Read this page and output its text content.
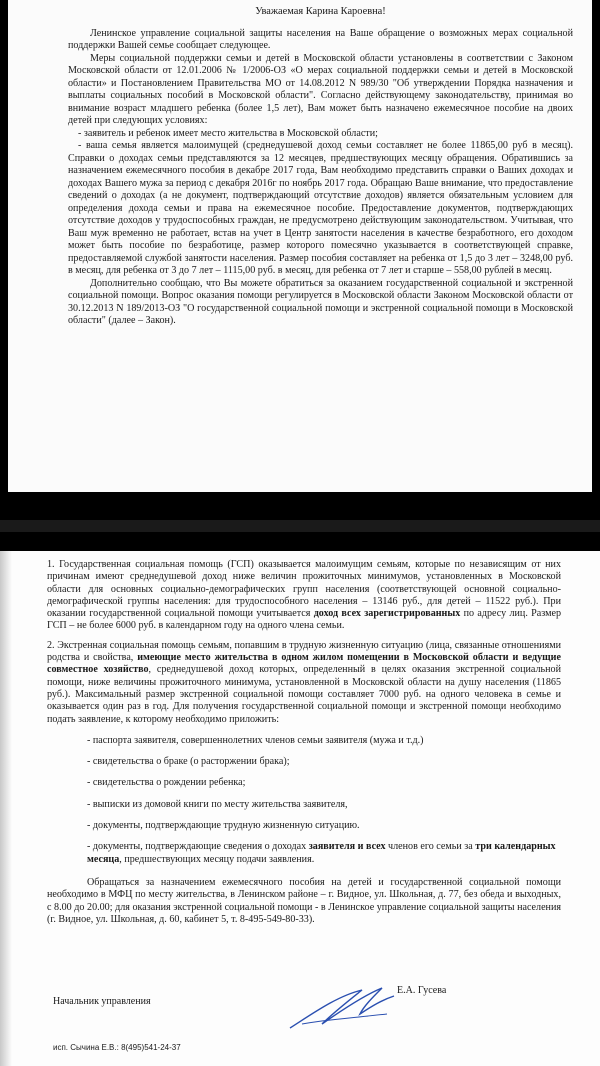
Уважаемая Карина Кароевна!

Ленинское управление социальной защиты населения на Ваше обращение о возможных мерах социальной поддержки Вашей семье сообщает следующее.

Меры социальной поддержки семьи и детей в Московской области установлены в соответствии с Законом Московской области от 12.01.2006 № 1/2006-ОЗ «О мерах социальной поддержки семьи и детей в Московской области» и Постановлением Правительства МО от 14.08.2012 N 989/30 "Об утверждении Порядка назначения и выплаты социальных пособий в Московской области". Согласно действующему законодательству, принимая во внимание возраст младшего ребенка (более 1,5 лет), Вам может быть назначено ежемесячное пособие на двоих детей при следующих условиях:

- заявитель и ребенок имеет место жительства в Московской области;

- ваша семья является малоимущей (среднедушевой доход семьи составляет не более 11865,00 руб в месяц). Справки о доходах семьи представляются за 12 месяцев, предшествующих месяцу обращения. Обратившись за назначением ежемесячного пособия в декабре 2017 года, Вам необходимо представить справки о Ваших доходах и доходах Вашего мужа за период с декабря 2016г по ноябрь 2017 года. Обращаю Ваше внимание, что предоставление сведений о доходах (а не документ, подтверждающий отсутствие доходов) является обязательным условием для определения дохода семьи и права на ежемесячное пособие. Предоставление документов, подтверждающих отсутствие доходов у трудоспособных граждан, не предусмотрено действующим законодательством. Учитывая, что Ваш муж временно не работает, встав на учет в Центр занятости населения в качестве безработного, его доходом может быть пособие по безработице, размер которого помесячно указывается в соответствующей справке, предоставляемой службой занятости населения. Размер пособия составляет на ребенка от 1,5 до 3 лет – 3248,00 руб. в месяц, для ребенка от 3 до 7 лет – 1115,00 руб. в месяц, для ребенка от 7 лет и старше – 558,00 рублей в месяц.

Дополнительно сообщаю, что Вы можете обратиться за оказанием государственной социальной и экстренной социальной помощи. Вопрос оказания помощи регулируется в Московской области Законом Московской области от 30.12.2013 N 189/2013-ОЗ "О государственной социальной помощи и экстренной социальной помощи в Московской области" (далее – Закон).

1. Государственная социальная помощь (ГСП) оказывается малоимущим семьям, которые по независящим от них причинам имеют среднедушевой доход ниже величин прожиточных минимумов, установленных в Московской области для основных социально-демографических групп населения (соответствующей основной социально-демографической группы населения: для трудоспособного населения – 13146 руб., для детей – 11522 руб.). При оказании государственной социальной помощи учитывается доход всех зарегистрированных по адресу лиц. Размер ГСП – не более 6000 руб. в календарном году на одного члена семьи.

2. Экстренная социальная помощь семьям, попавшим в трудную жизненную ситуацию (лица, связанные отношениями родства и свойства, имеющие место жительства в одном жилом помещении в Московской области и ведущие совместное хозяйство, среднедушевой доход которых, определенный в целях оказания экстренной социальной помощи, ниже величины прожиточного минимума, установленной в Московской области на душу населения (11865 руб.). Максимальный размер экстренной социальной помощи составляет 7000 руб. на одного человека в семье и оказывается один раз в год. Для получения государственной социальной помощи и экстренной помощи необходимо подать заявление, к которому необходимо приложить:

- паспорта заявителя, совершеннолетних членов семьи заявителя (мужа и т.д.)
- свидетельства о браке (о расторжении брака);
- свидетельства о рождении ребенка;
- выписки из домовой книги по месту жительства заявителя,
- документы, подтверждающие трудную жизненную ситуацию.
- документы, подтверждающие сведения о доходах заявителя и всех членов его семьи за три календарных месяца, предшествующих месяцу подачи заявления.

Обращаться за назначением ежемесячного пособия на детей и государственной социальной помощи необходимо в МФЦ по месту жительства, в Ленинском районе – г. Видное, ул. Школьная, д. 77, без обеда и выходных, с 8.00 до 20.00; для оказания экстренной социальной помощи - в Ленинское управление социальной защиты населения (г. Видное, ул. Школьная, д. 60, кабинет 5, т. 8-495-549-80-33).

Начальник управления
Е.А. Гусева
исп. Сычина Е.В.: 8(495)541-24-37
